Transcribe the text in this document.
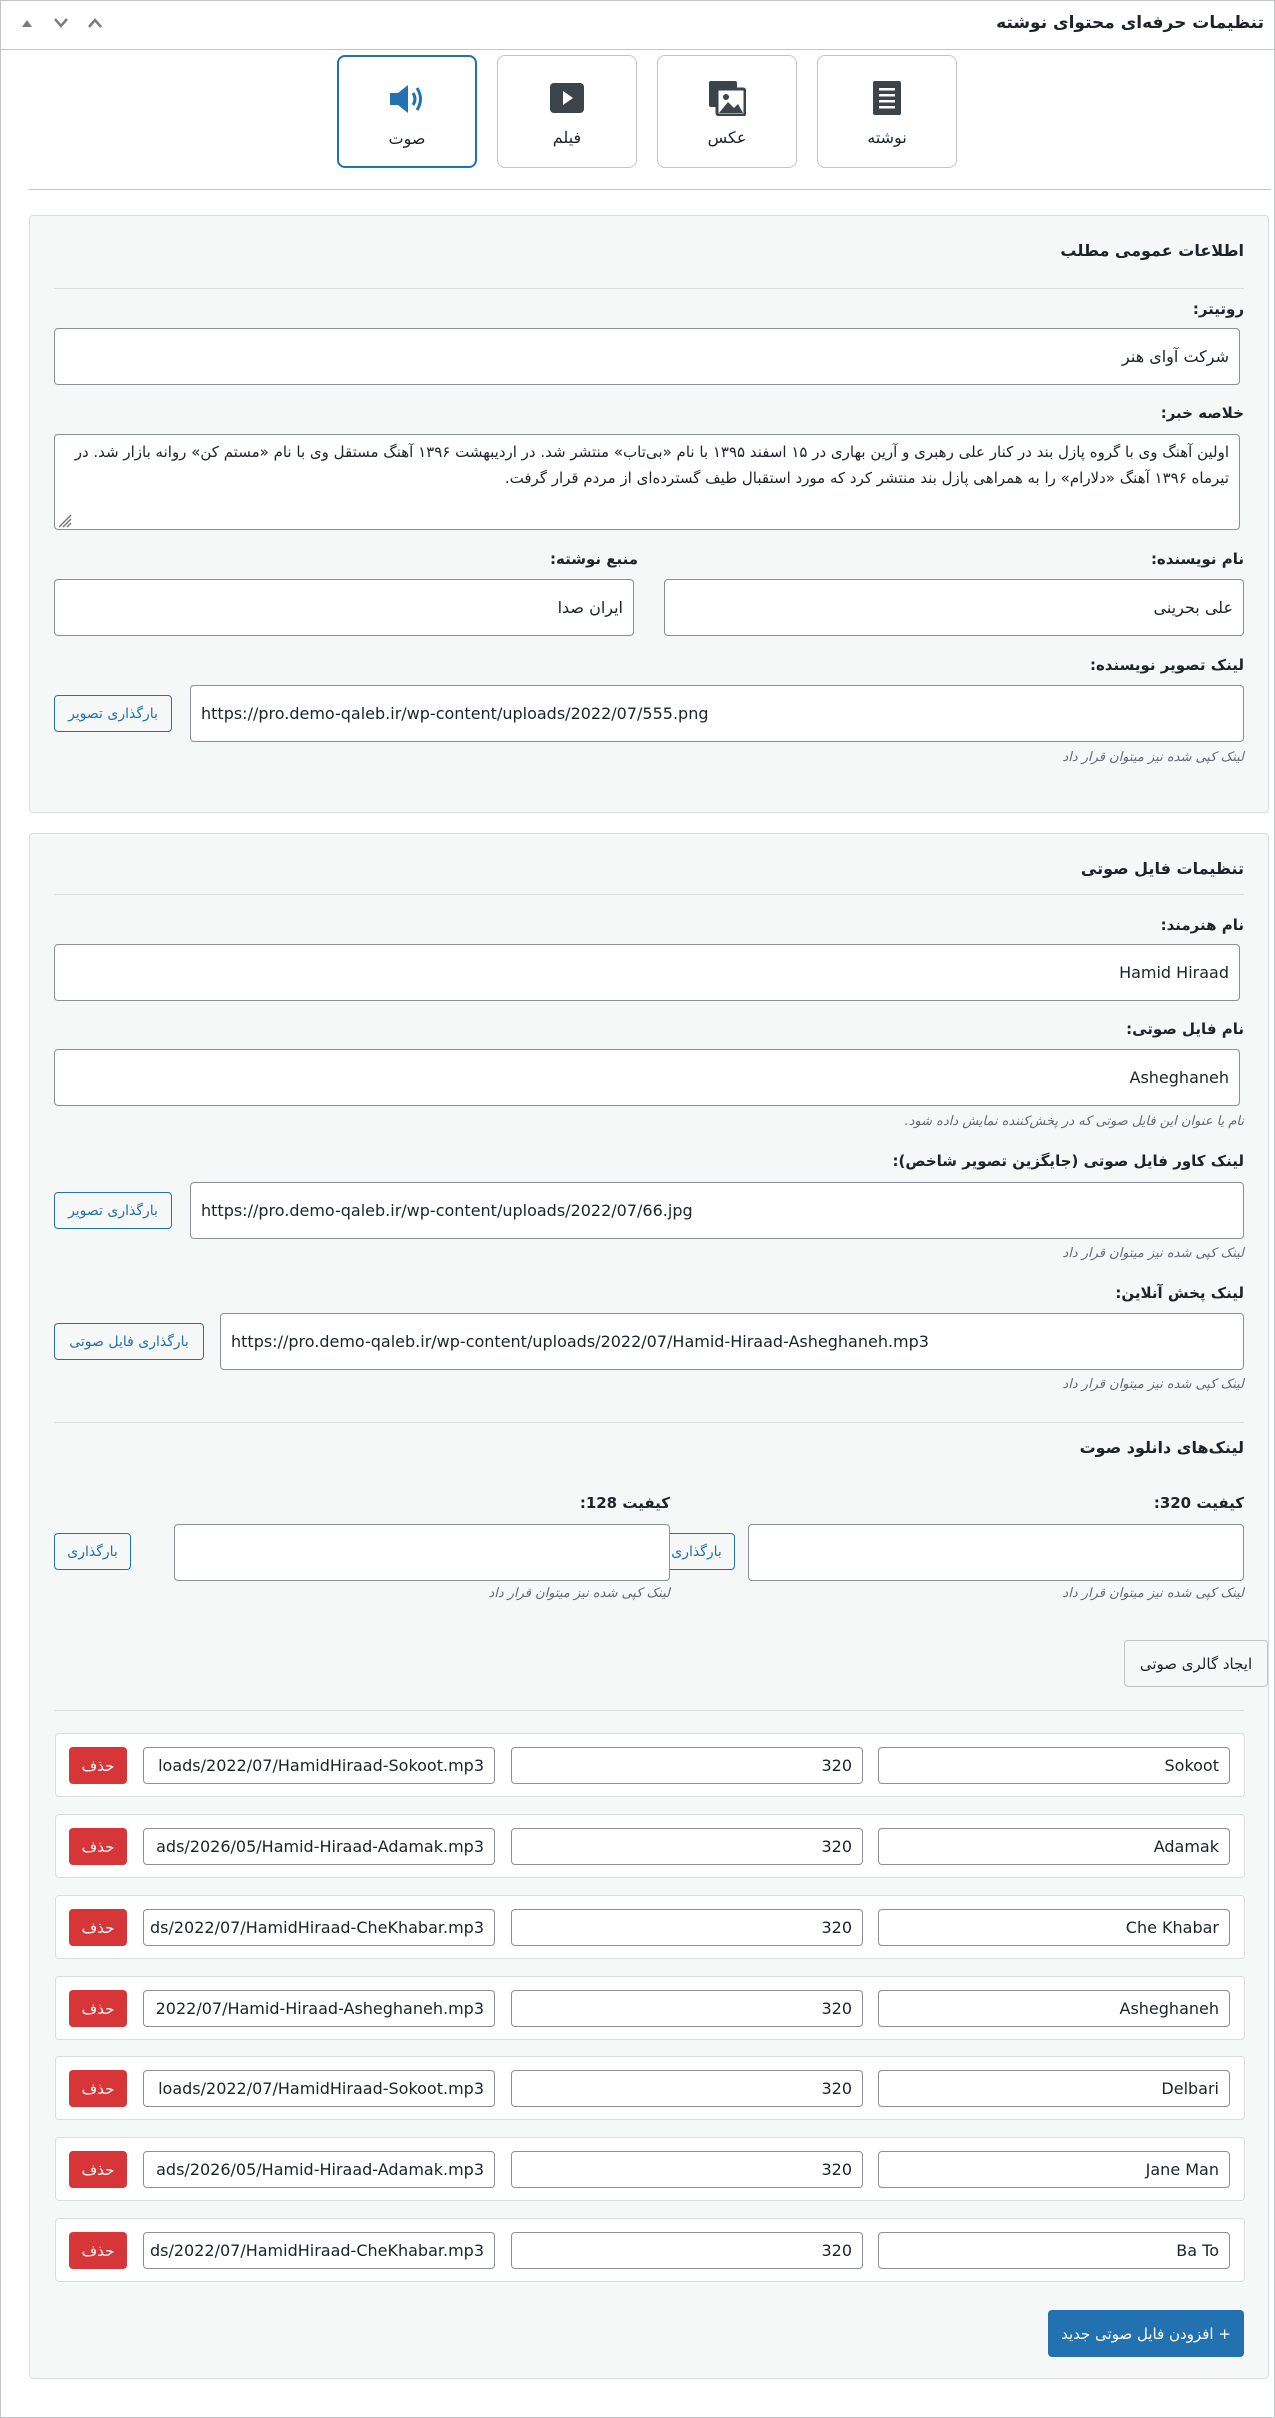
تنظیمات حرفه‌ای محتوای نوشته
نوشته
عکس
فیلم
صوت
اطلاعات عمومی مطلب
روتیتر:
شرکت آوای هنر
خلاصه خبر:
اولین آهنگ وی با گروه پازل بند در کنار علی رهبری و آرین بهاری در ۱۵ اسفند ۱۳۹۵ با نام «بی‌تاب» منتشر شد. در اردیبهشت ۱۳۹۶ آهنگ مستقل وی با نام «مستم کن» روانه بازار شد. در تیرماه ۱۳۹۶ آهنگ «دلارام» را به همراهی پازل بند منتشر کرد که مورد استقبال طیف گسترده‌ای از مردم قرار گرفت.
نام نویسنده:
علی بحرینی
منبع نوشته:
ایران صدا
لینک تصویر نویسنده:
https://pro.demo-qaleb.ir/wp-content/uploads/2022/07/555.png
بارگذاری تصویر
لینک کپی شده نیز میتوان قرار داد
تنظیمات فایل صوتی
نام هنرمند:
Hamid Hiraad
نام فایل صوتی:
Asheghaneh
نام یا عنوان این فایل صوتی که در پخش‌کننده نمایش داده شود.
لینک کاور فایل صوتی (جایگزین تصویر شاخص):
https://pro.demo-qaleb.ir/wp-content/uploads/2022/07/66.jpg
بارگذاری تصویر
لینک کپی شده نیز میتوان قرار داد
لینک پخش آنلاین:
https://pro.demo-qaleb.ir/wp-content/uploads/2022/07/Hamid-Hiraad-Asheghaneh.mp3
بارگذاری فایل صوتی
لینک کپی شده نیز میتوان قرار داد
لینک‌های دانلود صوت
کیفیت 320:
بارگذاری
لینک کپی شده نیز میتوان قرار داد
کیفیت 128:
بارگذاری
لینک کپی شده نیز میتوان قرار داد
ایجاد گالری صوتی
Sokoot
320
loads/2022/07/HamidHiraad-Sokoot.mp3
حذف
Adamak
320
ads/2026/05/Hamid-Hiraad-Adamak.mp3
حذف
Che Khabar
320
ds/2022/07/HamidHiraad-CheKhabar.mp3
حذف
Asheghaneh
320
2022/07/Hamid-Hiraad-Asheghaneh.mp3
حذف
Delbari
320
loads/2022/07/HamidHiraad-Sokoot.mp3
حذف
Jane Man
320
ads/2026/05/Hamid-Hiraad-Adamak.mp3
حذف
Ba To
320
ds/2022/07/HamidHiraad-CheKhabar.mp3
حذف
+ افزودن فایل صوتی جدید
